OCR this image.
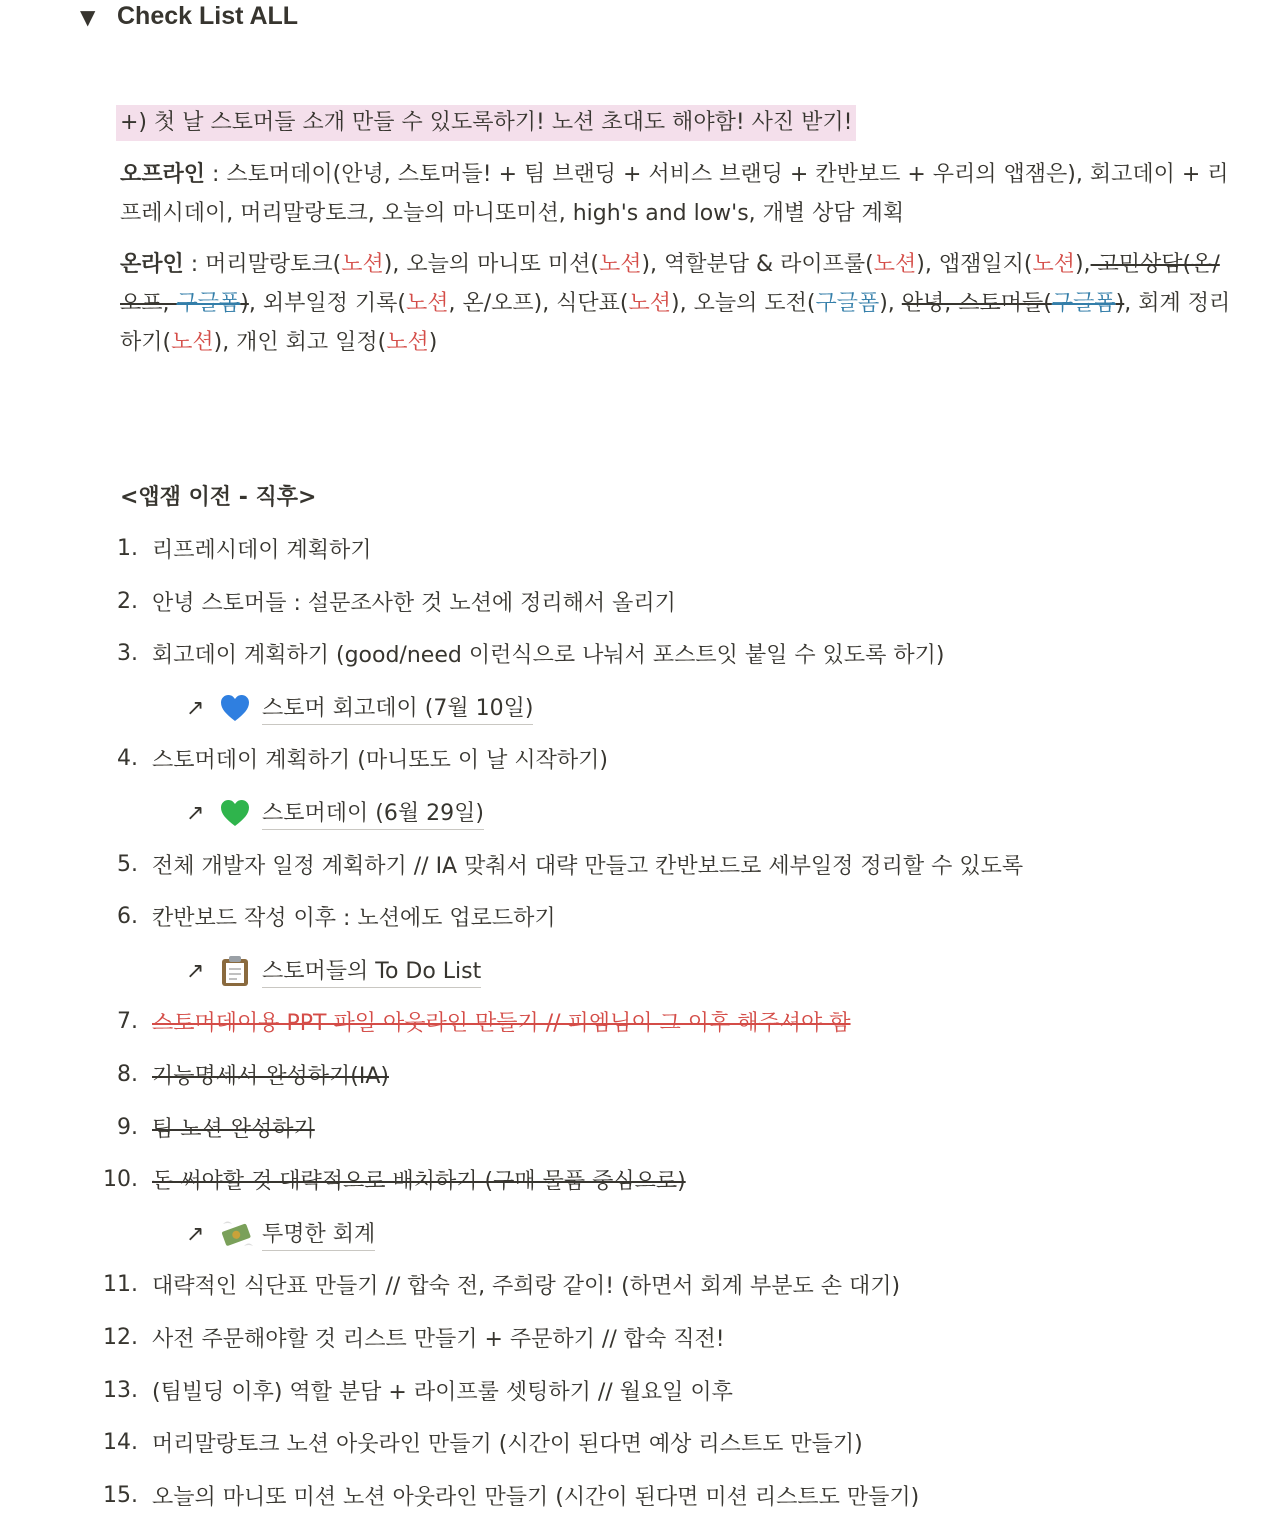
▼ Check List ALL
+) 첫 날 스토머들 소개 만들 수 있도록하기! 노션 초대도 해야함! 사진 받기!

오프라인 : 스토머데이(안녕, 스토머들! + 팀 브랜딩 + 서비스 브랜딩 + 칸반보드 + 우리의 앱잼은), 회고데이 + 리프레시데이, 머리말랑토크, 오늘의 마니또미션, high's and low's, 개별 상담 계획

온라인 : 머리말랑토크(노션), 오늘의 마니또 미션(노션), 역할분담 & 라이프룰(노션), 앱잼일지(노션), 고민상담(온/오프, 구글폼), 외부일정 기록(노션, 온/오프), 식단표(노션), 오늘의 도전(구글폼), 안녕, 스토머들(구글폼), 회계 정리하기(노션), 개인 회고 일정(노션)

<앱잼 이전 - 직후>
1. 리프레시데이 계획하기
2. 안녕 스토머들 : 설문조사한 것 노션에 정리해서 올리기
3. 회고데이 계획하기 (good/need 이런식으로 나눠서 포스트잇 붙일 수 있도록 하기)
↗	스토머 회고데이 (7월 10일)
4. 스토머데이 계획하기 (마니또도 이 날 시작하기)
↗	스토머데이 (6월 29일)
5. 전체 개발자 일정 계획하기 // IA 맞춰서 대략 만들고 칸반보드로 세부일정 정리할 수 있도록
6. 칸반보드 작성 이후 : 노션에도 업로드하기
↗	스토머들의 To Do List
7. 스토머데이용 PPT 파일 아웃라인 만들기 // 피엠님이 그 이후 해주셔야 함
8. 기능명세서 완성하기(IA)
9. 팀 노션 완성하기
10. 돈 써야할 것 대략적으로 배치하기 (구매 물품 중심으로)
↗	투명한 회계
11. 대략적인 식단표 만들기 // 합숙 전, 주희랑 같이! (하면서 회계 부분도 손 대기)
12. 사전 주문해야할 것 리스트 만들기 + 주문하기 // 합숙 직전!
13. (팀빌딩 이후) 역할 분담 + 라이프룰 셋팅하기 // 월요일 이후
14. 머리말랑토크 노션 아웃라인 만들기 (시간이 된다면 예상 리스트도 만들기)
15. 오늘의 마니또 미션 노션 아웃라인 만들기 (시간이 된다면 미션 리스트도 만들기)
